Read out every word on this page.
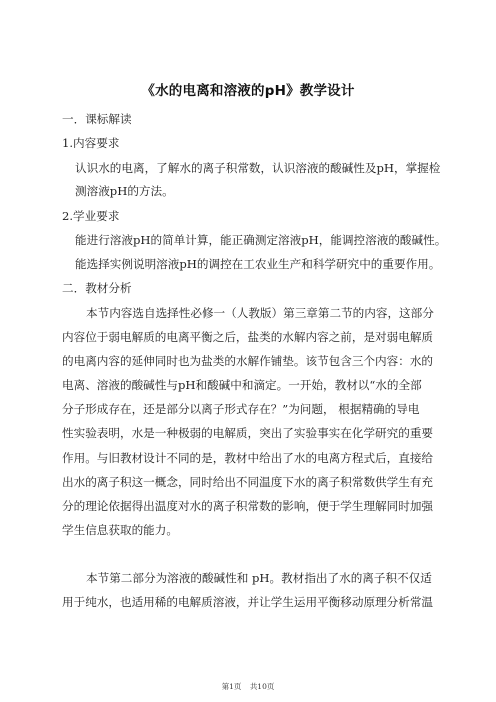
《水的电离和溶液的pH》教学设计
一．课标解读
1.内容要求
认识水的电离，了解水的离子积常数，认识溶液的酸碱性及pH，掌握检
测溶液pH的方法。
2.学业要求
能进行溶液pH的简单计算，能正确测定溶液pH，能调控溶液的酸碱性。
能选择实例说明溶液pH的调控在工农业生产和科学研究中的重要作用。
二．教材分析
本节内容选自选择性必修一（人教版）第三章第二节的内容，这部分
内容位于弱电解质的电离平衡之后，盐类的水解内容之前，是对弱电解质
的电离内容的延伸同时也为盐类的水解作铺垫。该节包含三个内容：水的
电离、溶液的酸碱性与pH和酸碱中和滴定。一开始，教材以“水的全部
分子形成存在，还是部分以离子形式存在？”为问题， 根据精确的导电
性实验表明，水是一种极弱的电解质，突出了实验事实在化学研究的重要
作用。与旧教材设计不同的是，教材中给出了水的电离方程式后，直接给
出水的离子积这一概念，同时给出不同温度下水的离子积常数供学生有充
分的理论依据得出温度对水的离子积常数的影响，便于学生理解同时加强
学生信息获取的能力。
本节第二部分为溶液的酸碱性和 pH。教材指出了水的离子积不仅适
用于纯水，也适用稀的电解质溶液，并让学生运用平衡移动原理分析常温
第1页 共10页
